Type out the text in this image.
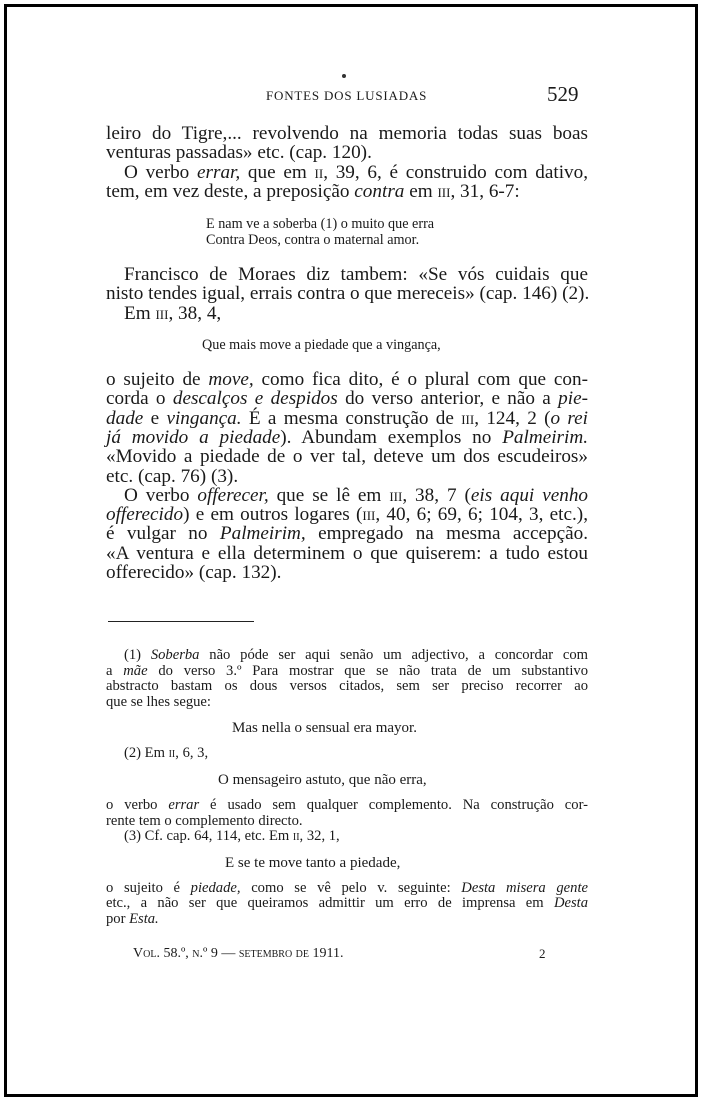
FONTES DOS LUSIADAS	529
leiro do Tigre,... revolvendo na memoria todas suas boas
venturas passadas» etc. (cap. 120).
O verbo errar, que em ii, 39, 6, é construido com dativo,
tem, em vez deste, a preposição contra em iii, 31, 6-7:
E nam ve a soberba (1) o muito que erra
Contra Deos, contra o maternal amor.
Francisco de Moraes diz tambem: «Se vós cuidais que
nisto tendes igual, errais contra o que mereceis» (cap. 146) (2).
Em iii, 38, 4,
Que mais move a piedade que a vingança,
o sujeito de move, como fica dito, é o plural com que con-
corda o descalços e despidos do verso anterior, e não a pie-
dade e vingança. É a mesma construção de iii, 124, 2 (o rei
já movido a piedade). Abundam exemplos no Palmeirim.
«Movido a piedade de o ver tal, deteve um dos escudeiros»
etc. (cap. 76) (3).
O verbo offerecer, que se lê em iii, 38, 7 (eis aqui venho
offerecido) e em outros logares (iii, 40, 6; 69, 6; 104, 3, etc.),
é vulgar no Palmeirim, empregado na mesma accepção.
«A ventura e ella determinem o que quiserem: a tudo estou
offerecido» (cap. 132).
(1) Soberba não póde ser aqui senão um adjectivo, a concordar com
a mãe do verso 3.º Para mostrar que se não trata de um substantivo
abstracto bastam os dous versos citados, sem ser preciso recorrer ao
que se lhes segue:
Mas nella o sensual era mayor.
(2) Em ii, 6, 3,
O mensageiro astuto, que não erra,
o verbo errar é usado sem qualquer complemento. Na construção cor-
rente tem o complemento directo.
(3) Cf. cap. 64, 114, etc. Em ii, 32, 1,
E se te move tanto a piedade,
o sujeito é piedade, como se vê pelo v. seguinte: Desta misera gente
etc., a não ser que queiramos admittir um erro de imprensa em Desta
por Esta.
Vol. 58.º, n.º 9 — setembro de 1911.	2
